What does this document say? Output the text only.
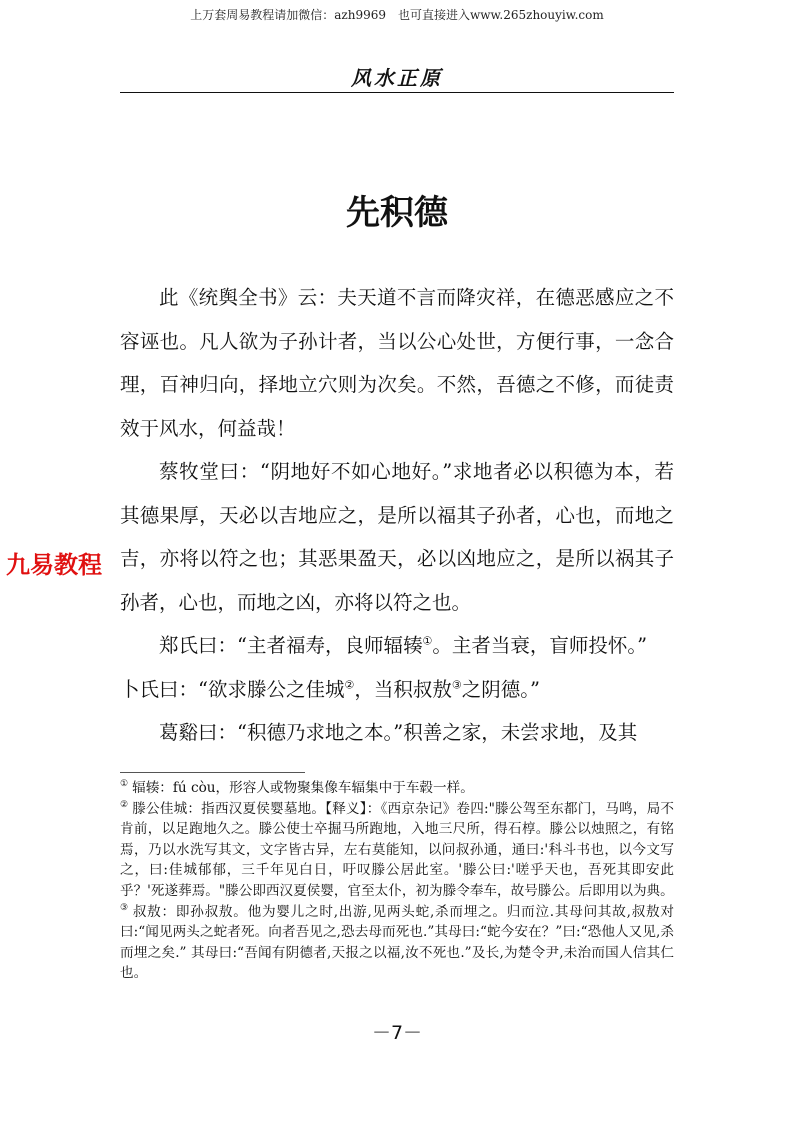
上万套周易教程请加微信：azh9969　也可直接进入www.265zhouyiw.com
风水正原
先积德

此《统舆全书》云：夫天道不言而降灾祥，在德恶感应之不容诬也。凡人欲为子孙计者，当以公心处世，方便行事，一念合理，百神归向，择地立穴则为次矣。不然，吾德之不修，而徒责效于风水，何益哉！

蔡牧堂曰：“阴地好不如心地好。”求地者必以积德为本，若其德果厚，天必以吉地应之，是所以福其子孙者，心也，而地之吉，亦将以符之也；其恶果盈天，必以凶地应之，是所以祸其子孙者，心也，而地之凶，亦将以符之也。

郑氏曰：“主者福寿，良师辐辏①。主者当衰，盲师投怀。”

卜氏曰：“欲求滕公之佳城②，当积叔敖③之阴德。”

葛谿曰：“积德乃求地之本。”积善之家，未尝求地，及其

九易教程

① 辐辏：fú còu，形容人或物聚集像车辐集中于车毂一样。

② 滕公佳城：指西汉夏侯婴墓地。【释义】：《西京杂记》卷四:"滕公驾至东都门，马鸣，局不肯前，以足跑地久之。滕公使士卒掘马所跑地，入地三尺所，得石椁。滕公以烛照之，有铭焉，乃以水洗写其文，文字皆古异，左右莫能知，以问叔孙通，通曰:'科斗书也，以今文写之，曰:佳城郁郁，三千年见白日，吁叹滕公居此室。'滕公曰:'嗟乎天也，吾死其即安此乎？'死遂葬焉。"滕公即西汉夏侯婴，官至太仆，初为滕令奉车，故号滕公。后即用以为典。

③ 叔敖：即孙叔敖。他为婴儿之时,出游,见两头蛇,杀而埋之。归而泣.其母问其故,叔敖对曰:“闻见两头之蛇者死。向者吾见之,恐去母而死也.”其母曰:“蛇今安在？”曰:“恐他人又见,杀而埋之矣.” 其母曰:“吾闻有阴德者,天报之以福,汝不死也.”及长,为楚令尹,未治而国人信其仁也。

－7－
